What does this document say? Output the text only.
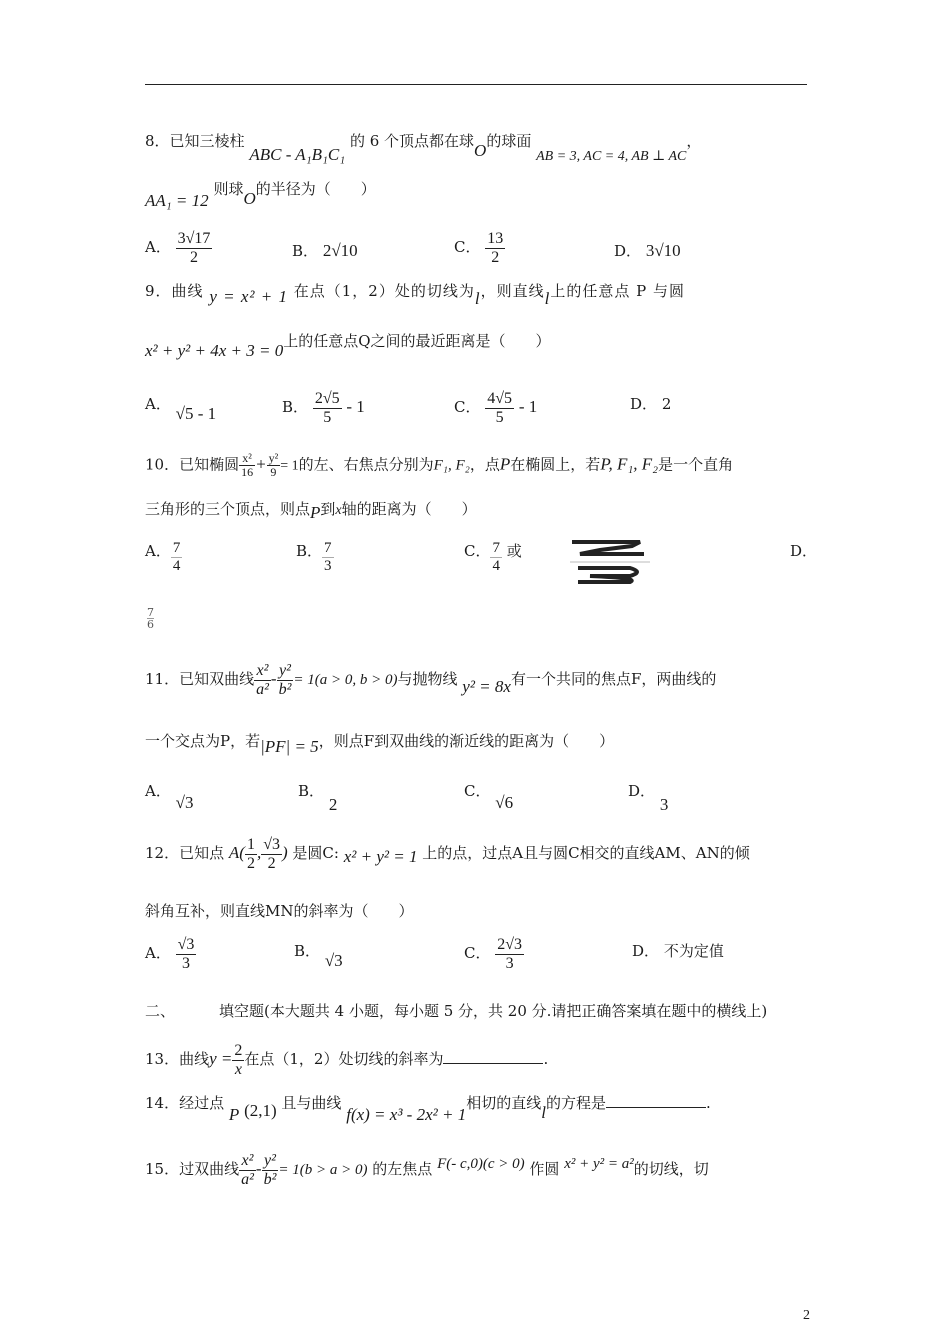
8．已知三棱柱 ABC - A₁B₁C₁ 的 6 个顶点都在球O的球面 AB = 3, AC = 4, AB ⊥ AC，
AA₁ = 12 则球O的半径为（　　）
A． $\frac{3√17}{2}$	B． 2√10	C． $\frac{13}{2}$	D． 3√10
9．曲线 y = x² + 1 在点（1，2）处的切线为l，则直线l上的任意点 P 与圆
x² + y² + 4x + 3 = 0上的任意点Q之间的最近距离是（　　）
A． √5 - 1	B． $\frac{2√5}{5} - 1$	C． $\frac{4√5}{5} - 1$	D． 2
10．已知椭圆 $\frac{\text{x²}}{16} + \frac{\text{y²}}{9} = 1$的左、右焦点分别为F₁, F₂，点P在椭圆上，若P, F₁, F₂是一个直角
三角形的三个顶点，则点P到x轴的距离为（　　）
A． $\frac{7}{4}$	B． $\frac{7}{3}$	C． $\frac{7}{4}$ 或	D．
$\frac{7}{6}$
11．已知双曲线 $\frac{\text{x²}}{\text{a²}} - \frac{\text{y²}}{\text{b²}} = 1(a > 0$, b > 0)与抛物线 y² = 8x有一个共同的焦点F，两曲线的
一个交点为P，若|PF| = 5，则点F到双曲线的渐近线的距离为（　　）
A． √3
B． 2
C． √6
D． 3
12．已知点 $A( \frac{1}{2}$ , $\frac{√3}{2}$ ) 是圆C: x² + y² = 1 上的点，过点A且与圆C相交的直线AM、AN的倾
斜角互补，则直线MN的斜率为（　　）
A． $\frac{√3}{3}$	B． √3	C． $\frac{2√3}{3}$	D． 不为定值
二、	填空题(本大题共 4 小题，每小题 5 分，共 20 分.请把正确答案填在题中的横线上)
13．曲线$y = \frac{2}{x}$ 在点（1，2）处切线的斜率为	.
14．经过点 P (2,1) 且与曲线 f(x) = x³ - 2x² + 1相切的直线l的方程是	.
15．过双曲线 $\frac{\text{x²}}{\text{a²}} - \frac{\text{y²}}{\text{b²}} = 1(b > a > 0)$ 的左焦点 F(- c,0)(c > 0) 作圆 x² + y² = a²的切线，切
2
